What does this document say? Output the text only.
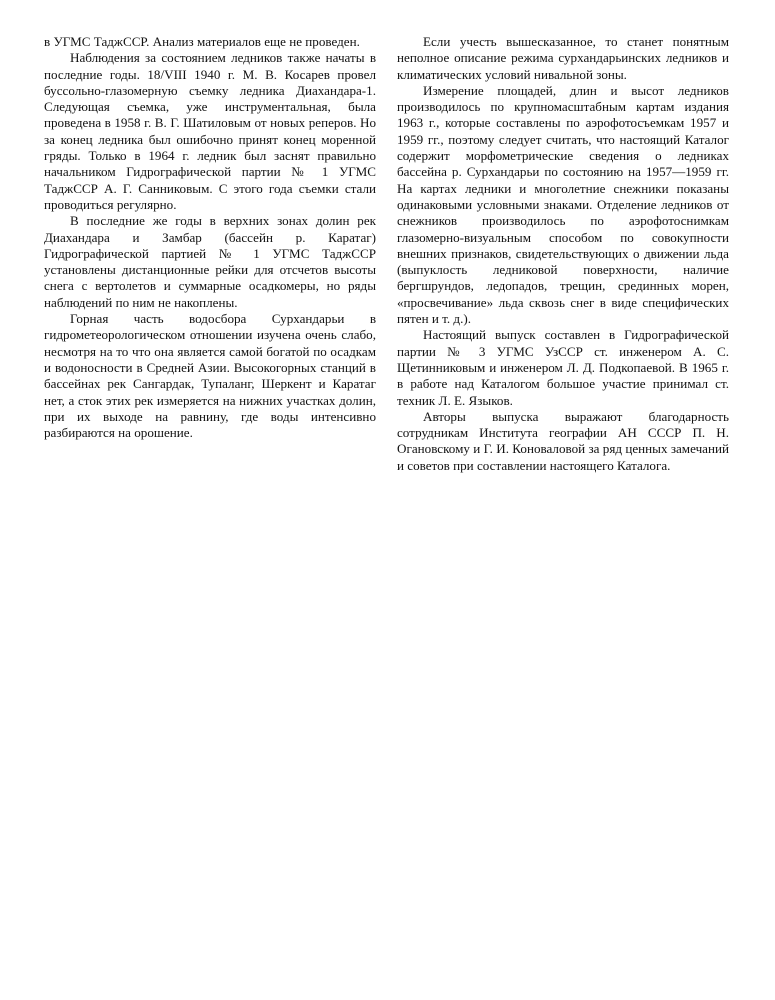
в УГМС ТаджССР. Анализ материалов еще не проведен.

Наблюдения за состоянием ледников также начаты в последние годы. 18/VIII 1940 г. М. В. Косарев провел буссольно-глазомерную съемку ледника Диахандара-1. Следующая съемка, уже инструментальная, была проведена в 1958 г. В. Г. Шатиловым от новых реперов. Но за конец ледника был ошибочно принят конец моренной гряды. Только в 1964 г. ледник был заснят правильно начальником Гидрографической партии № 1 УГМС ТаджССР А. Г. Санниковым. С этого года съемки стали проводиться регулярно.

В последние же годы в верхних зонах долин рек Диахандара и Замбар (бассейн р. Каратаг) Гидрографической партией № 1 УГМС ТаджССР установлены дистанционные рейки для отсчетов высоты снега с вертолетов и суммарные осадкомеры, но ряды наблюдений по ним не накоплены.

Горная часть водосбора Сурхандарьи в гидрометеорологическом отношении изучена очень слабо, несмотря на то что она является самой богатой по осадкам и водоносности в Средней Азии. Высокогорных станций в бассейнах рек Сангардак, Тупаланг, Шеркент и Каратаг нет, а сток этих рек измеряется на нижних участках долин, при их выходе на равнину, где воды интенсивно разбираются на орошение.

Если учесть вышесказанное, то станет понятным неполное описание режима сурхандарьинских ледников и климатических условий нивальной зоны.

Измерение площадей, длин и высот ледников производилось по крупномасштабным картам издания 1963 г., которые составлены по аэрофотосъемкам 1957 и 1959 гг., поэтому следует считать, что настоящий Каталог содержит морфометрические сведения о ледниках бассейна р. Сурхандарьи по состоянию на 1957—1959 гг. На картах ледники и многолетние снежники показаны одинаковыми условными знаками. Отделение ледников от снежников производилось по аэрофотоснимкам глазомерно-визуальным способом по совокупности внешних признаков, свидетельствующих о движении льда (выпуклость ледниковой поверхности, наличие бергшрундов, ледопадов, трещин, срединных морен, «просвечивание» льда сквозь снег в виде специфических пятен и т. д.).

Настоящий выпуск составлен в Гидрографической партии № 3 УГМС УзССР ст. инженером А. С. Щетинниковым и инженером Л. Д. Подкопаевой. В 1965 г. в работе над Каталогом большое участие принимал ст. техник Л. Е. Языков.

Авторы выпуска выражают благодарность сотрудникам Института географии АН СССР П. Н. Огановскому и Г. И. Коноваловой за ряд ценных замечаний и советов при составлении настоящего Каталога.
